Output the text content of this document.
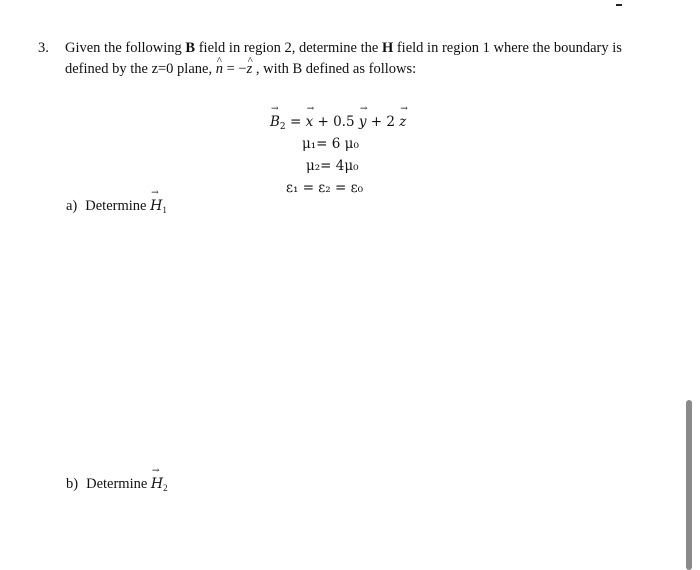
3. Given the following B field in region 2, determine the H field in region 1 where the boundary is defined by the z=0 plane, ^ n = −^ z , with B defined as follows:
→ $B_2$ = → x + 0.5 → y + 2 → z
μ₁= 6 μ₀
μ₂= 4μ₀
ε₁ = ε₂ = ε₀
a) Determine → $H_1$
b) Determine → $H_2$
